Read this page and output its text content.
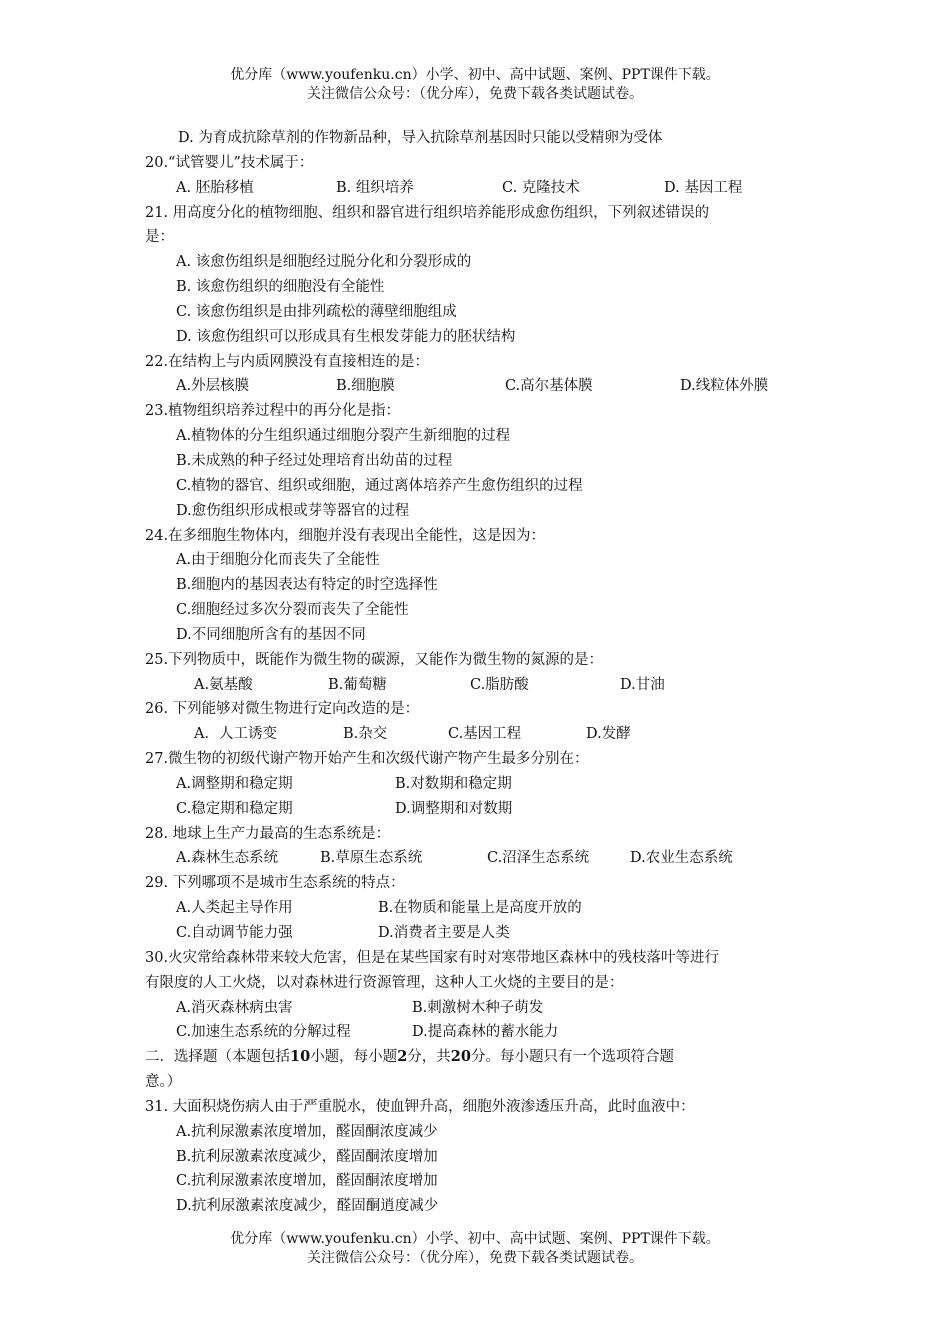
优分库（www.youfenku.cn）小学、初中、高中试题、案例、PPT课件下载。
关注微信公众号：（优分库），免费下载各类试题试卷。
D. 为育成抗除草剂的作物新品种，导入抗除草剂基因时只能以受精卵为受体
20.“试管婴儿”技术属于：
A. 胚胎移植	B. 组织培养	C. 克隆技术	D. 基因工程
21. 用高度分化的植物细胞、组织和器官进行组织培养能形成愈伤组织，下列叙述错误的
是：
A. 该愈伤组织是细胞经过脱分化和分裂形成的
B. 该愈伤组织的细胞没有全能性
C. 该愈伤组织是由排列疏松的薄壁细胞组成
D. 该愈伤组织可以形成具有生根发芽能力的胚状结构
22.在结构上与内质网膜没有直接相连的是：
A.外层核膜	B.细胞膜	C.高尔基体膜	D.线粒体外膜
23.植物组织培养过程中的再分化是指：
A.植物体的分生组织通过细胞分裂产生新细胞的过程
B.未成熟的种子经过处理培育出幼苗的过程
C.植物的器官、组织或细胞，通过离体培养产生愈伤组织的过程
D.愈伤组织形成根或芽等器官的过程
24.在多细胞生物体内，细胞并没有表现出全能性，这是因为：
A.由于细胞分化而丧失了全能性
B.细胞内的基因表达有特定的时空选择性
C.细胞经过多次分裂而丧失了全能性
D.不同细胞所含有的基因不同
25.下列物质中，既能作为微生物的碳源，又能作为微生物的氮源的是：
A.氨基酸	B.葡萄糖	C.脂肪酸	D.甘油
26. 下列能够对微生物进行定向改造的是：
A．人工诱变	B.杂交	C.基因工程	D.发酵
27.微生物的初级代谢产物开始产生和次级代谢产物产生最多分别在：
A.调整期和稳定期	B.对数期和稳定期
C.稳定期和稳定期	D.调整期和对数期
28. 地球上生产力最高的生态系统是：
A.森林生态系统	B.草原生态系统	C.沼泽生态系统	D.农业生态系统
29. 下列哪项不是城市生态系统的特点：
A.人类起主导作用	B.在物质和能量上是高度开放的
C.自动调节能力强	D.消费者主要是人类
30.火灾常给森林带来较大危害，但是在某些国家有时对寒带地区森林中的残枝落叶等进行
有限度的人工火烧，以对森林进行资源管理，这种人工火烧的主要目的是：
A.消灭森林病虫害	B.刺激树木种子萌发
C.加速生态系统的分解过程	D.提高森林的蓄水能力
二．选择题（本题包括10小题，每小题2分，共20分。每小题只有一个选项符合题
意。）
31. 大面积烧伤病人由于严重脱水，使血钾升高，细胞外液渗透压升高，此时血液中：
A.抗利尿激素浓度增加，醛固酮浓度减少
B.抗利尿激素浓度减少，醛固酮浓度增加
C.抗利尿激素浓度增加，醛固酮浓度增加
D.抗利尿激素浓度减少，醛固酮逍度减少
优分库（www.youfenku.cn）小学、初中、高中试题、案例、PPT课件下载。
关注微信公众号：（优分库），免费下载各类试题试卷。
